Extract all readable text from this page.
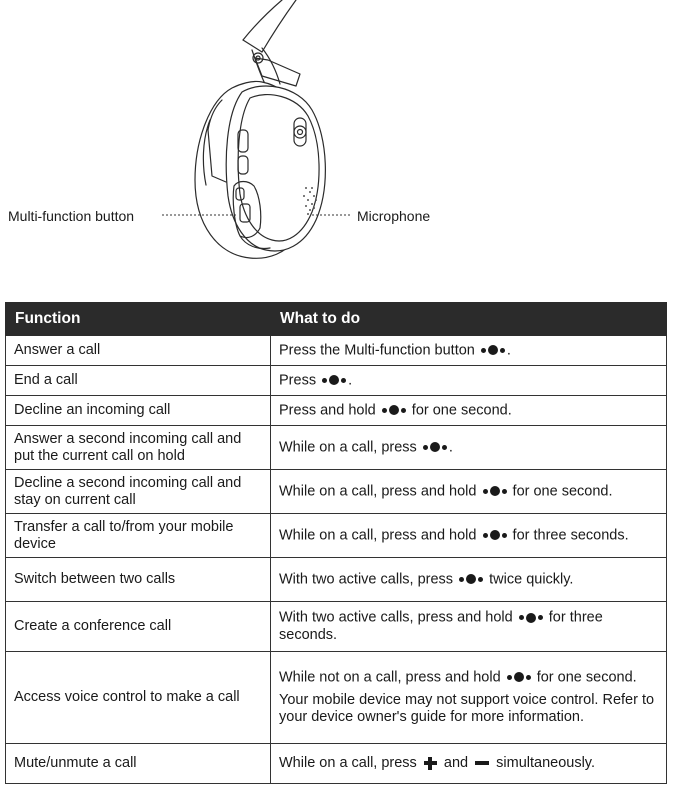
Multi-function button	Microphone
Function	What to do
Answer a call	Press the Multi-function button .
End a call	Press .
Decline an incoming call	Press and hold for one second.
Answer a second incoming call and put the current call on hold	While on a call, press .
Decline a second incoming call and stay on current call	While on a call, press and hold for one second.
Transfer a call to/from your mobile device	While on a call, press and hold for three seconds.
Switch between two calls	With two active calls, press twice quickly.
Create a conference call	With two active calls, press and hold for three seconds.
Access voice control to make a call	While not on a call, press and hold for one second.
Your mobile device may not support voice control. Refer to your device owner's guide for more information.

Mute/unmute a call	While on a call, press and simultaneously.
